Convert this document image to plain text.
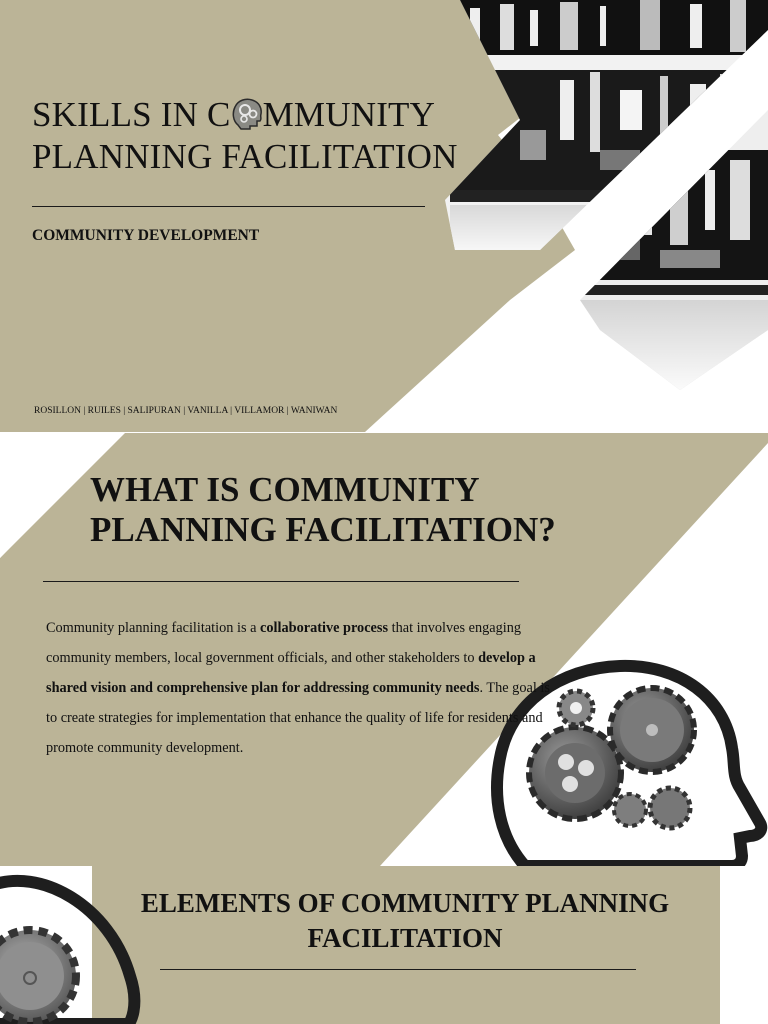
SKILLS IN C MMUNITY
PLANNING FACILITATION

COMMUNITY DEVELOPMENT

ROSILLON | RUILES | SALIPURAN | VANILLA | VILLAMOR | WANIWAN

WHAT IS COMMUNITY
PLANNING FACILITATION?

Community planning facilitation is a collaborative process that involves engaging community members, local government officials, and other stakeholders to develop a shared vision and comprehensive plan for addressing community needs. The goal is to create strategies for implementation that enhance the quality of life for residents and promote community development.

ELEMENTS OF COMMUNITY PLANNING
FACILITATION
